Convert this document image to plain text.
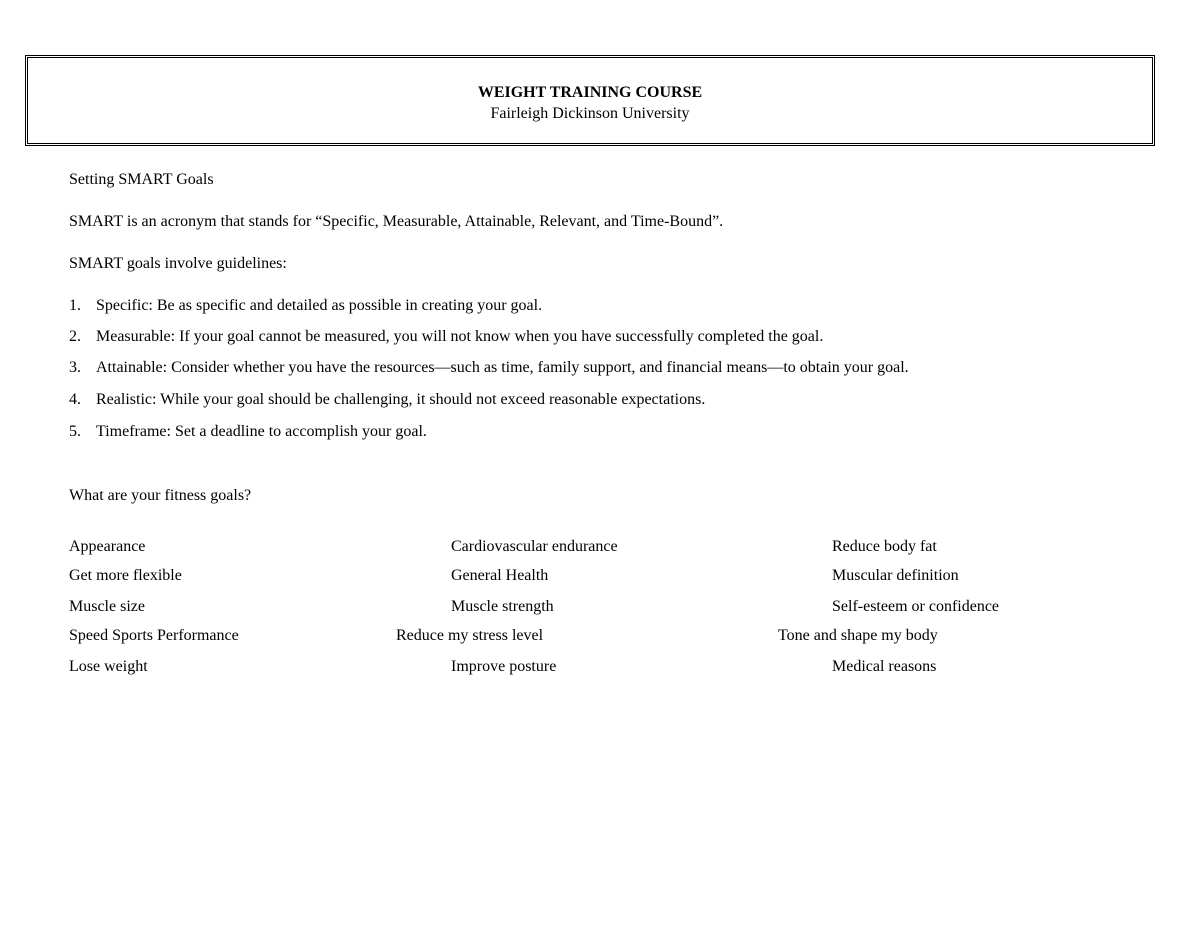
WEIGHT TRAINING COURSE
Fairleigh Dickinson University
Setting SMART Goals
SMART is an acronym that stands for “Specific, Measurable, Attainable, Relevant, and Time-Bound”.
SMART goals involve guidelines:
1. Specific: Be as specific and detailed as possible in creating your goal.
2. Measurable: If your goal cannot be measured, you will not know when you have successfully completed the goal.
3. Attainable: Consider whether you have the resources—such as time, family support, and financial means—to obtain your goal.
4. Realistic: While your goal should be challenging, it should not exceed reasonable expectations.
5. Timeframe: Set a deadline to accomplish your goal.
What are your fitness goals?
Appearance	Cardiovascular endurance	Reduce body fat
Get more flexible	General Health	Muscular definition
Muscle size	Muscle strength	Self-esteem or confidence
Speed Sports Performance	Reduce my stress level	Tone and shape my body
Lose weight	Improve posture	Medical reasons
